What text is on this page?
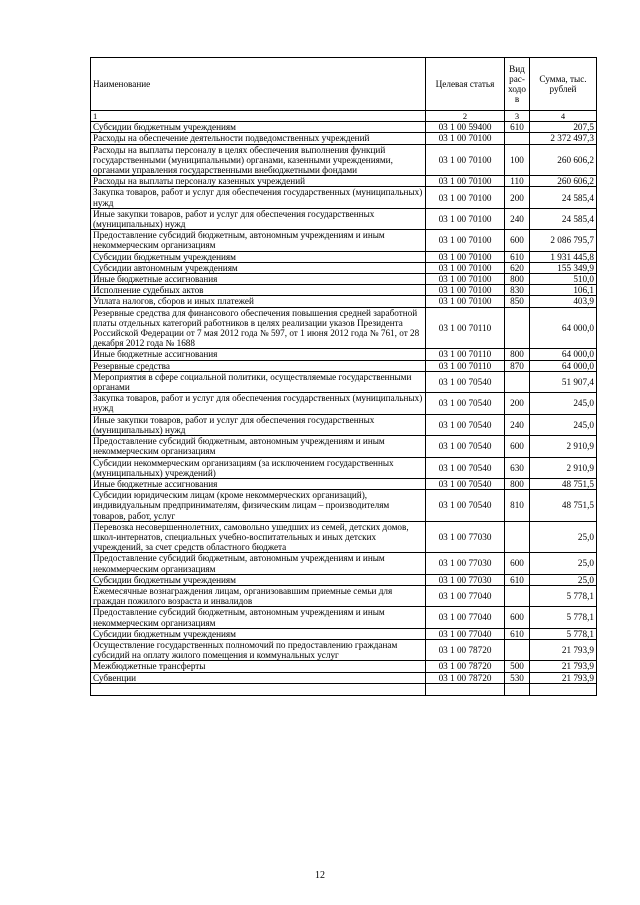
Наименование	Целевая статья	Вид рас-ходов	Сумма, тыс. рублей
1	2	3	4
Субсидии бюджетным учреждениям	03 1 00 59400	610	207,5
Расходы на обеспечение деятельности подведомственных учреждений	03 1 00 70100		2 372 497,3
Расходы на выплаты персоналу в целях обеспечения выполнения функций государственными (муниципальными) органами, казенными учреждениями, органами управления государственными внебюджетными фондами	03 1 00 70100	100	260 606,2
Расходы на выплаты персоналу казенных учреждений	03 1 00 70100	110	260 606,2
Закупка товаров, работ и услуг для обеспечения государственных (муниципальных) нужд	03 1 00 70100	200	24 585,4
Иные закупки товаров, работ и услуг для обеспечения государственных (муниципальных) нужд	03 1 00 70100	240	24 585,4
Предоставление субсидий бюджетным, автономным учреждениям и иным некоммерческим организациям	03 1 00 70100	600	2 086 795,7
Субсидии бюджетным учреждениям	03 1 00 70100	610	1 931 445,8
Субсидии автономным учреждениям	03 1 00 70100	620	155 349,9
Иные бюджетные ассигнования	03 1 00 70100	800	510,0
Исполнение судебных актов	03 1 00 70100	830	106,1
Уплата налогов, сборов и иных платежей	03 1 00 70100	850	403,9
Резервные средства для финансового обеспечения повышения средней заработной платы отдельных категорий работников в целях реализации указов Президента Российской Федерации от 7 мая 2012 года № 597, от 1 июня 2012 года № 761, от 28 декабря 2012 года № 1688	03 1 00 70110		64 000,0
Иные бюджетные ассигнования	03 1 00 70110	800	64 000,0
Резервные средства	03 1 00 70110	870	64 000,0
Мероприятия в сфере социальной политики, осуществляемые государственными органами	03 1 00 70540		51 907,4
Закупка товаров, работ и услуг для обеспечения государственных (муниципальных) нужд	03 1 00 70540	200	245,0
Иные закупки товаров, работ и услуг для обеспечения государственных (муниципальных) нужд	03 1 00 70540	240	245,0
Предоставление субсидий бюджетным, автономным учреждениям и иным некоммерческим организациям	03 1 00 70540	600	2 910,9
Субсидии некоммерческим организациям (за исключением государственных (муниципальных) учреждений)	03 1 00 70540	630	2 910,9
Иные бюджетные ассигнования	03 1 00 70540	800	48 751,5
Субсидии юридическим лицам (кроме некоммерческих организаций), индивидуальным предпринимателям, физическим лицам – производителям товаров, работ, услуг	03 1 00 70540	810	48 751,5
Перевозка несовершеннолетних, самовольно ушедших из семей, детских домов, школ-интернатов, специальных учебно-воспитательных и иных детских учреждений, за счет средств областного бюджета	03 1 00 77030		25,0
Предоставление субсидий бюджетным, автономным учреждениям и иным некоммерческим организациям	03 1 00 77030	600	25,0
Субсидии бюджетным учреждениям	03 1 00 77030	610	25,0
Ежемесячные вознаграждения лицам, организовавшим приемные семьи для граждан пожилого возраста и инвалидов	03 1 00 77040		5 778,1
Предоставление субсидий бюджетным, автономным учреждениям и иным некоммерческим организациям	03 1 00 77040	600	5 778,1
Субсидии бюджетным учреждениям	03 1 00 77040	610	5 778,1
Осуществление государственных полномочий по предоставлению гражданам субсидий на оплату жилого помещения и коммунальных услуг	03 1 00 78720		21 793,9
Межбюджетные трансферты	03 1 00 78720	500	21 793,9
Субвенции	03 1 00 78720	530	21 793,9

12
